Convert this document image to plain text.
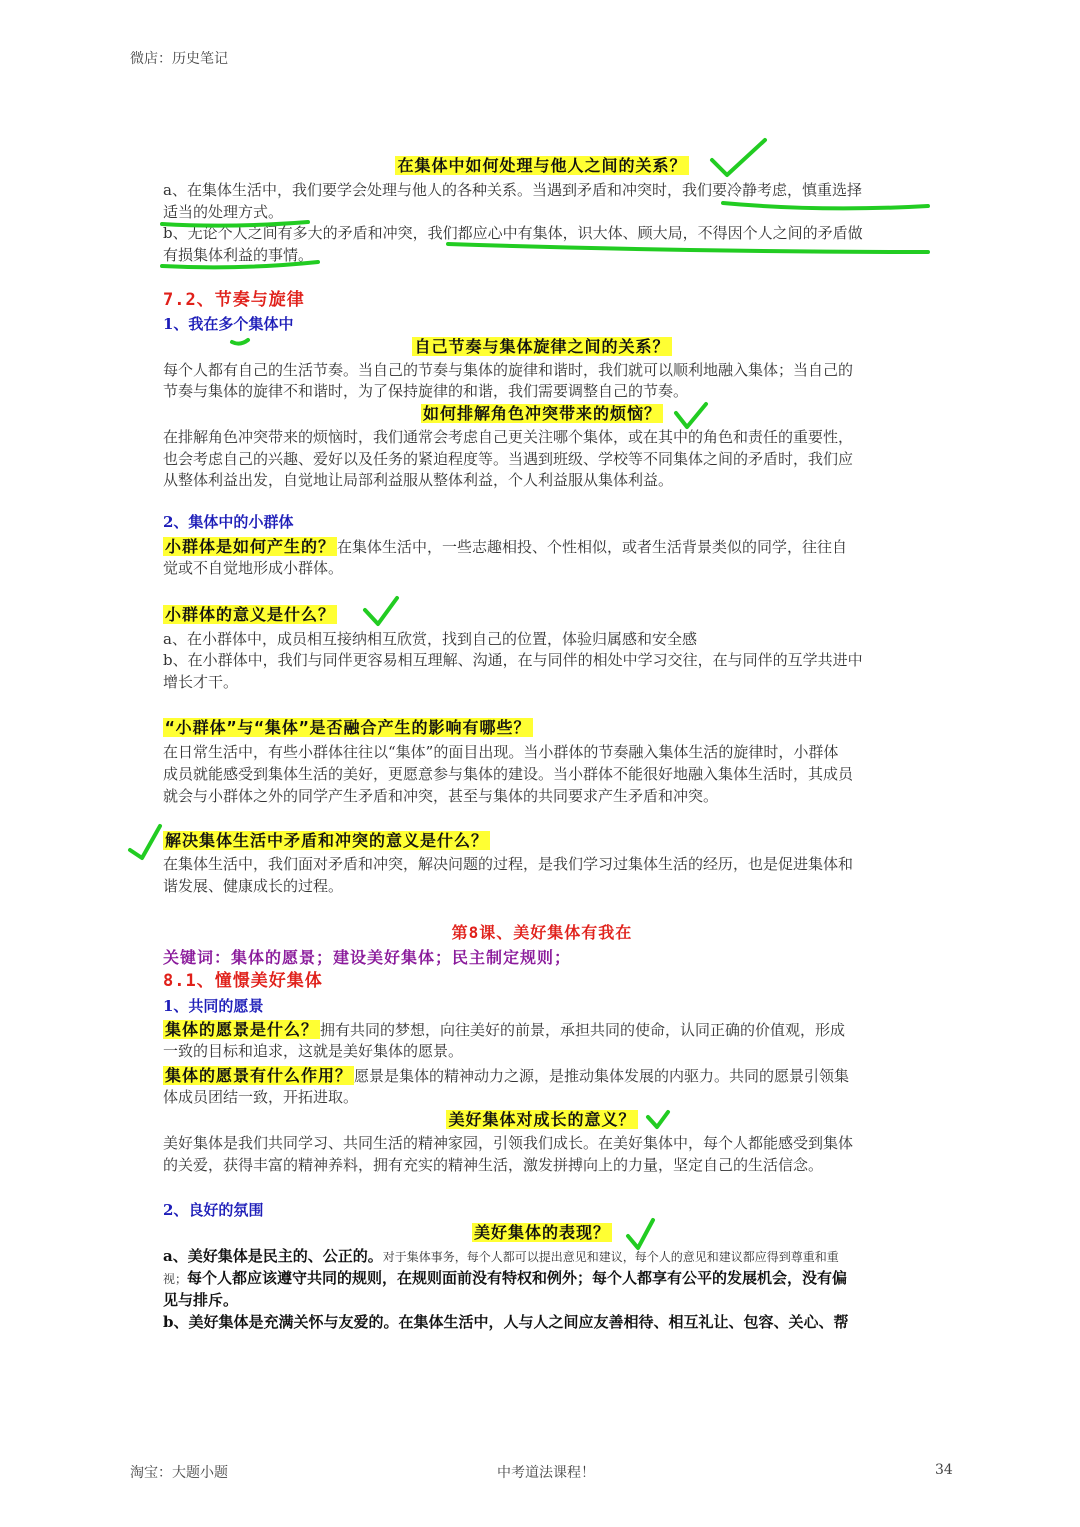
微店：历史笔记
在集体中如何处理与他人之间的关系？
a、在集体生活中，我们要学会处理与他人的各种关系。当遇到矛盾和冲突时，我们要冷静考虑，慎重选择
适当的处理方式。
b、无论个人之间有多大的矛盾和冲突，我们都应心中有集体，识大体、顾大局，不得因个人之间的矛盾做
有损集体利益的事情。
7.2、节奏与旋律
1、我在多个集体中
自己节奏与集体旋律之间的关系？
每个人都有自己的生活节奏。当自己的节奏与集体的旋律和谐时，我们就可以顺利地融入集体；当自己的
节奏与集体的旋律不和谐时，为了保持旋律的和谐，我们需要调整自己的节奏。
如何排解角色冲突带来的烦恼？
在排解角色冲突带来的烦恼时，我们通常会考虑自己更关注哪个集体，或在其中的角色和责任的重要性，
也会考虑自己的兴趣、爱好以及任务的紧迫程度等。当遇到班级、学校等不同集体之间的矛盾时，我们应
从整体利益出发，自觉地让局部利益服从整体利益，个人利益服从集体利益。
2、集体中的小群体
小群体是如何产生的？ 在集体生活中，一些志趣相投、个性相似，或者生活背景类似的同学，往往自
觉或不自觉地形成小群体。
小群体的意义是什么？
a、在小群体中，成员相互接纳相互欣赏，找到自己的位置，体验归属感和安全感
b、在小群体中，我们与同伴更容易相互理解、沟通，在与同伴的相处中学习交往，在与同伴的互学共进中
增长才干。
“小群体”与“集体”是否融合产生的影响有哪些？
在日常生活中，有些小群体往往以“集体”的面目出现。当小群体的节奏融入集体生活的旋律时，小群体
成员就能感受到集体生活的美好，更愿意参与集体的建设。当小群体不能很好地融入集体生活时，其成员
就会与小群体之外的同学产生矛盾和冲突，甚至与集体的共同要求产生矛盾和冲突。
解决集体生活中矛盾和冲突的意义是什么？
在集体生活中，我们面对矛盾和冲突，解决问题的过程，是我们学习过集体生活的经历，也是促进集体和
谐发展、健康成长的过程。
第8课、美好集体有我在
关键词：集体的愿景；建设美好集体；民主制定规则；
8.1、憧憬美好集体
1、共同的愿景
集体的愿景是什么？ 拥有共同的梦想，向往美好的前景，承担共同的使命，认同正确的价值观，形成
一致的目标和追求，这就是美好集体的愿景。
集体的愿景有什么作用？ 愿景是集体的精神动力之源，是推动集体发展的内驱力。共同的愿景引领集
体成员团结一致，开拓进取。
美好集体对成长的意义？
美好集体是我们共同学习、共同生活的精神家园，引领我们成长。在美好集体中，每个人都能感受到集体
的关爱，获得丰富的精神养料，拥有充实的精神生活，激发拼搏向上的力量，坚定自己的生活信念。
2、良好的氛围
美好集体的表现？
a、美好集体是民主的、公正的。对于集体事务，每个人都可以提出意见和建议，每个人的意见和建议都应得到尊重和重
视；每个人都应该遵守共同的规则，在规则面前没有特权和例外；每个人都享有公平的发展机会，没有偏
见与排斥。
b、美好集体是充满关怀与友爱的。在集体生活中，人与人之间应友善相待、相互礼让、包容、关心、帮
淘宝：大题小题	中考道法课程！	34
